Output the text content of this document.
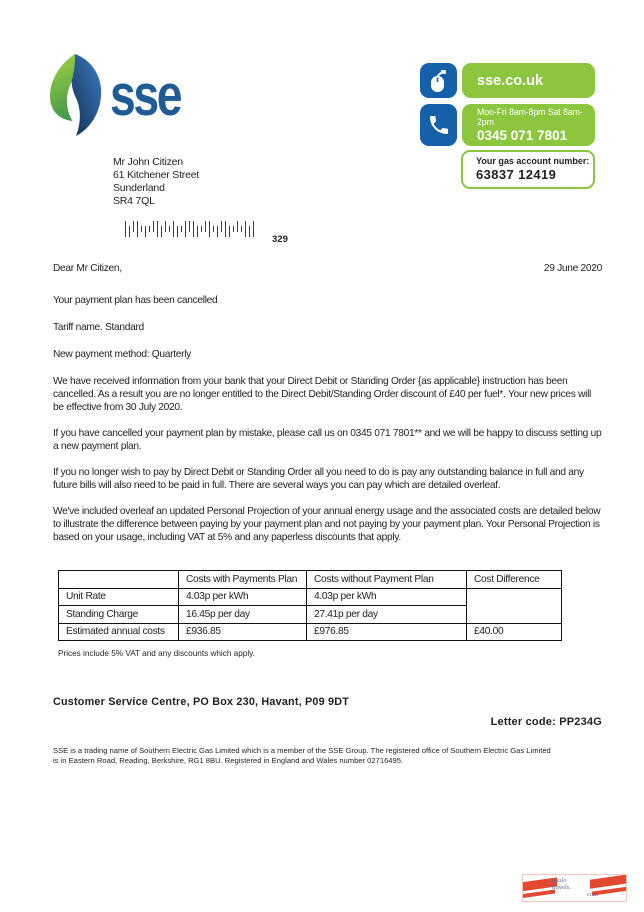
sse	sse.co.uk
Mon-Fri 8am-8pm Sat 8am-2pm
0345 071 7801
Your gas account number:
63837 12419
Mr John Citizen
61 Kitchener Street
Sunderland
SR4 7QL
329
Dear Mr Citizen,	29 June 2020
Your payment plan has been cancelled
Tariff name. Standard
New payment method: Quarterly

We have received information from your bank that your Direct Debit or Standing Order {as applicable} instruction has been cancelled. As a result you are no longer entitled to the Direct Debit/Standing Order discount of £40 per fuel*. Your new prices will be effective from 30 July 2020.

If you have cancelled your payment plan by mistake, please call us on 0345 071 7801** and we will be happy to discuss setting up a new payment plan.

If you no longer wish to pay by Direct Debit or Standing Order all you need to do is pay any outstanding balance in full and any future bills will also need to be paid in full. There are several ways you can pay which are detailed overleaf.

We've included overleaf an updated Personal Projection of your annual energy usage and the associated costs are detailed below to illustrate the difference between paying by your payment plan and not paying by your payment plan. Your Personal Projection is based on your usage, including VAT at 5% and any paperless discounts that apply.

	Costs with Payments Plan	Costs without Payment Plan	Cost Difference
Unit Rate	4.03p per kWh	4.03p per kWh	
Standing Charge	16.45p per day	27.41p per day	
Estimated annual costs	£936.85	£976.85	£40.00
Prices include 5% VAT and any discounts which apply.
Customer Service Centre, PO Box 230, Havant, P09 9DT
Letter code: PP234G
SSE is a trading name of Southern Electric Gas Limited which is a member of the SSE Group. The registered office of Southern Electric Gas Limited is in Eastern Road, Reading, Berkshire, RG1 8BU. Registered in England and Wales number 02716495.
paulo
travels.
com
